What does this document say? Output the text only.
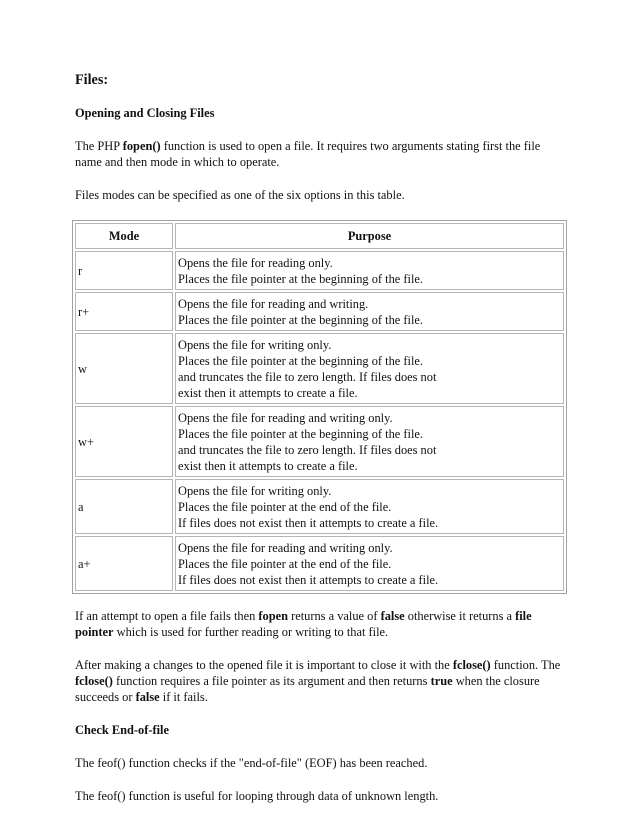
Files:
Opening and Closing Files

The PHP fopen() function is used to open a file. It requires two arguments stating first the file name and then mode in which to operate.

Files modes can be specified as one of the six options in this table.

Mode	Purpose
r	Opens the file for reading only.
Places the file pointer at the beginning of the file.

r+	Opens the file for reading and writing.
Places the file pointer at the beginning of the file.

w	Opens the file for writing only.
Places the file pointer at the beginning of the file.
and truncates the file to zero length. If files does not
exist then it attempts to create a file.

w+	Opens the file for reading and writing only.
Places the file pointer at the beginning of the file.
and truncates the file to zero length. If files does not
exist then it attempts to create a file.

a	Opens the file for writing only.
Places the file pointer at the end of the file.
If files does not exist then it attempts to create a file.

a+	Opens the file for reading and writing only.
Places the file pointer at the end of the file.
If files does not exist then it attempts to create a file.

If an attempt to open a file fails then fopen returns a value of false otherwise it returns a file pointer which is used for further reading or writing to that file.

After making a changes to the opened file it is important to close it with the fclose() function. The fclose() function requires a file pointer as its argument and then returns true when the closure succeeds or false if it fails.

Check End-of-file

The feof() function checks if the "end-of-file" (EOF) has been reached.

The feof() function is useful for looping through data of unknown length.
